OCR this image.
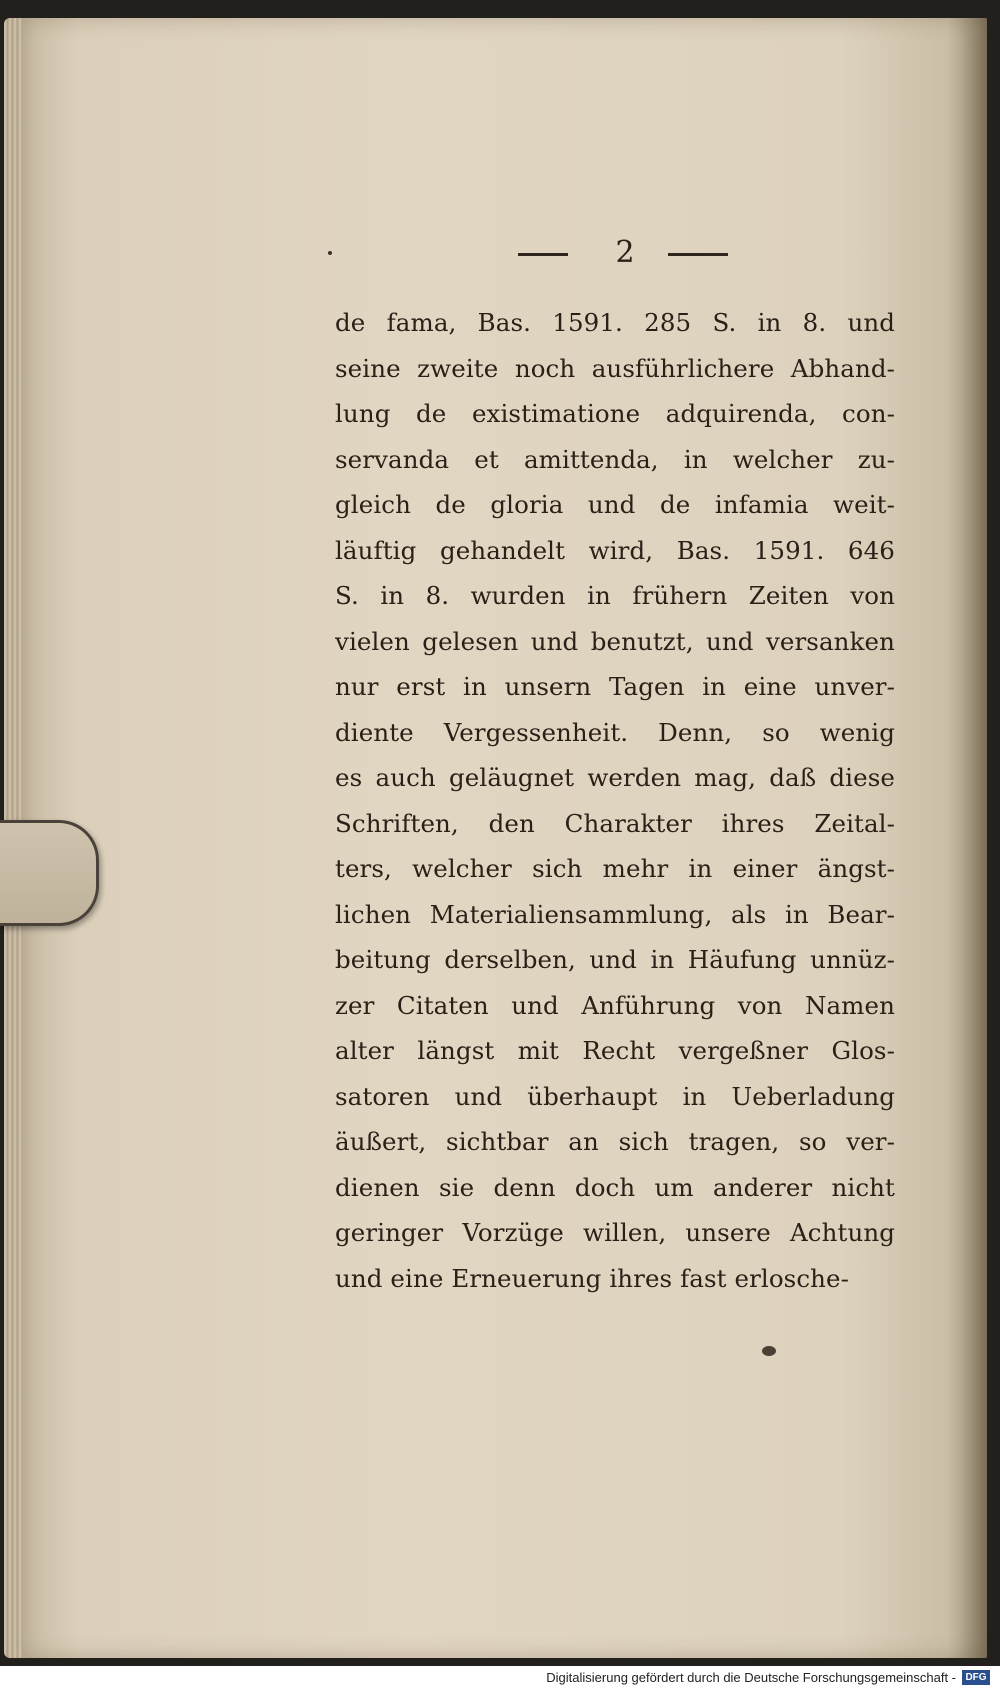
2

de fama, Bas. 1591. 285 S. in 8. und
seine zweite noch ausführlichere Abhand-
lung de existimatione adquirenda, con-
servanda et amittenda, in welcher zu-
gleich de gloria und de infamia weit-
läuftig gehandelt wird, Bas. 1591. 646
S. in 8. wurden in frühern Zeiten von
vielen gelesen und benutzt, und versanken
nur erst in unsern Tagen in eine unver-
diente Vergessenheit. Denn, so wenig
es auch geläugnet werden mag, daß diese
Schriften, den Charakter ihres Zeital-
ters, welcher sich mehr in einer ängst-
lichen Materialiensammlung, als in Bear-
beitung derselben, und in Häufung unnüz-
zer Citaten und Anführung von Namen
alter längst mit Recht vergeßner Glos-
satoren und überhaupt in Ueberladung
äußert, sichtbar an sich tragen, so ver-
dienen sie denn doch um anderer nicht
geringer Vorzüge willen, unsere Achtung
und eine Erneuerung ihres fast erlosche-

Digitalisierung gefördert durch die Deutsche Forschungsgemeinschaft - DFG
